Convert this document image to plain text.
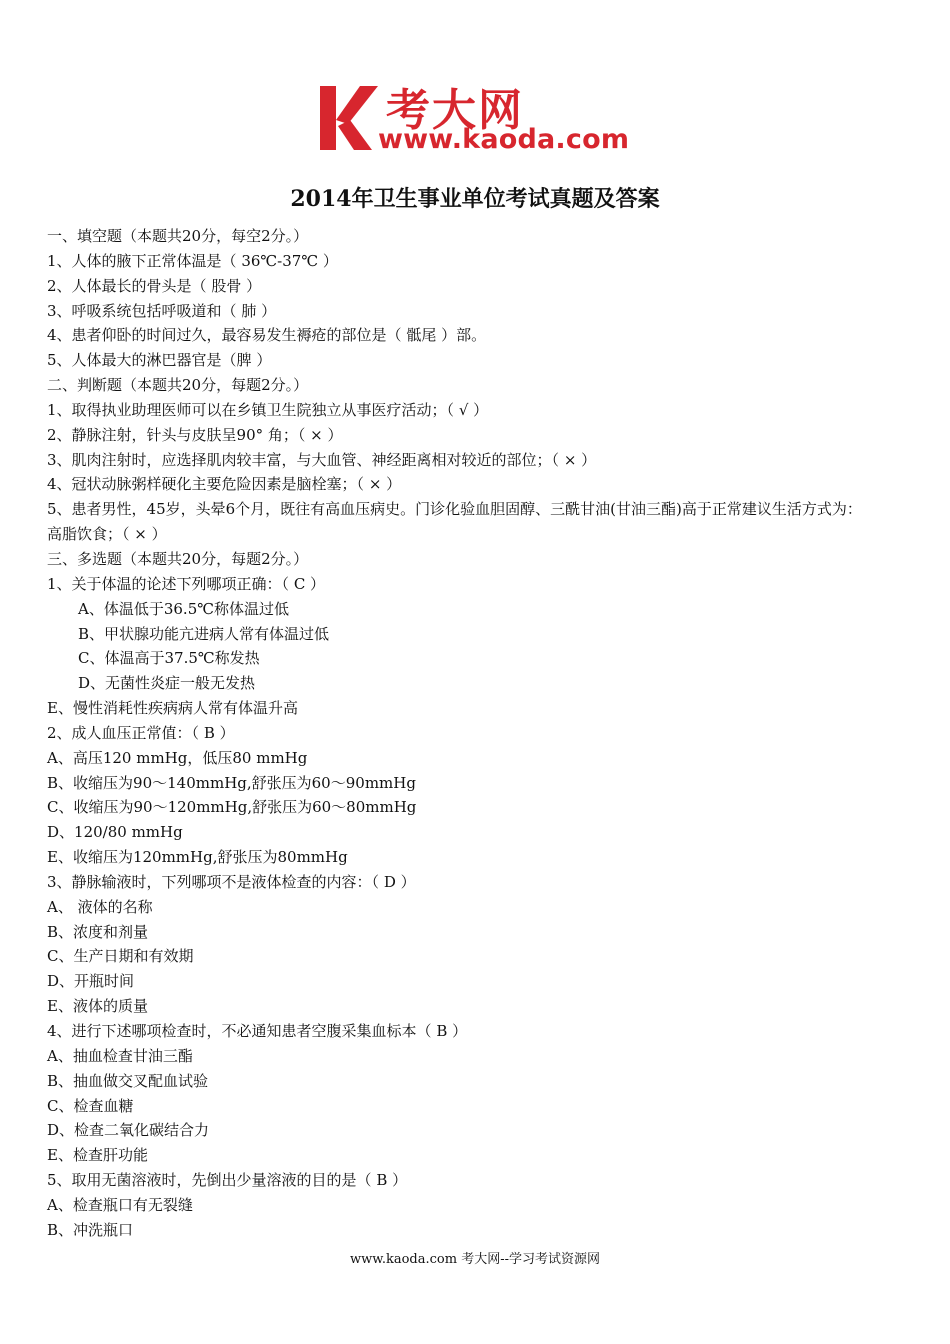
考大网
www.kaoda.com
2014年卫生事业单位考试真题及答案
一、填空题（本题共20分，每空2分。）
1、人体的腋下正常体温是（ 36℃-37℃ ）
2、人体最长的骨头是（ 股骨 ）
3、呼吸系统包括呼吸道和（ 肺 ）
4、患者仰卧的时间过久，最容易发生褥疮的部位是（ 骶尾 ）部。
5、人体最大的淋巴器官是（脾 ）
二、判断题（本题共20分，每题2分。）
1、取得执业助理医师可以在乡镇卫生院独立从事医疗活动；（ √ ）
2、静脉注射，针头与皮肤呈90° 角；（ × ）
3、肌肉注射时，应选择肌肉较丰富，与大血管、神经距离相对较近的部位；（ × ）
4、冠状动脉粥样硬化主要危险因素是脑栓塞；（ × ）
5、患者男性，45岁，头晕6个月，既往有高血压病史。门诊化验血胆固醇、三酰甘油(甘油三酯)高于正常建议生活方式为：
高脂饮食；（ × ）
三、多选题（本题共20分，每题2分。）
1、关于体温的论述下列哪项正确：（ C ）
A、体温低于36.5℃称体温过低
B、甲状腺功能亢进病人常有体温过低
C、体温高于37.5℃称发热
D、无菌性炎症一般无发热
E、慢性消耗性疾病病人常有体温升高
2、成人血压正常值：（ B ）
A、高压120 mmHg，低压80 mmHg
B、收缩压为90～140mmHg,舒张压为60～90mmHg
C、收缩压为90～120mmHg,舒张压为60～80mmHg
D、120/80 mmHg
E、收缩压为120mmHg,舒张压为80mmHg
3、静脉输液时，下列哪项不是液体检查的内容：（ D ）
A、 液体的名称
B、浓度和剂量
C、生产日期和有效期
D、开瓶时间
E、液体的质量
4、进行下述哪项检查时，不必通知患者空腹采集血标本（ B ）
A、抽血检查甘油三酯
B、抽血做交叉配血试验
C、检查血糖
D、检查二氧化碳结合力
E、检查肝功能
5、取用无菌溶液时，先倒出少量溶液的目的是（ B ）
A、检查瓶口有无裂缝
B、冲洗瓶口
www.kaoda.com 考大网--学习考试资源网
